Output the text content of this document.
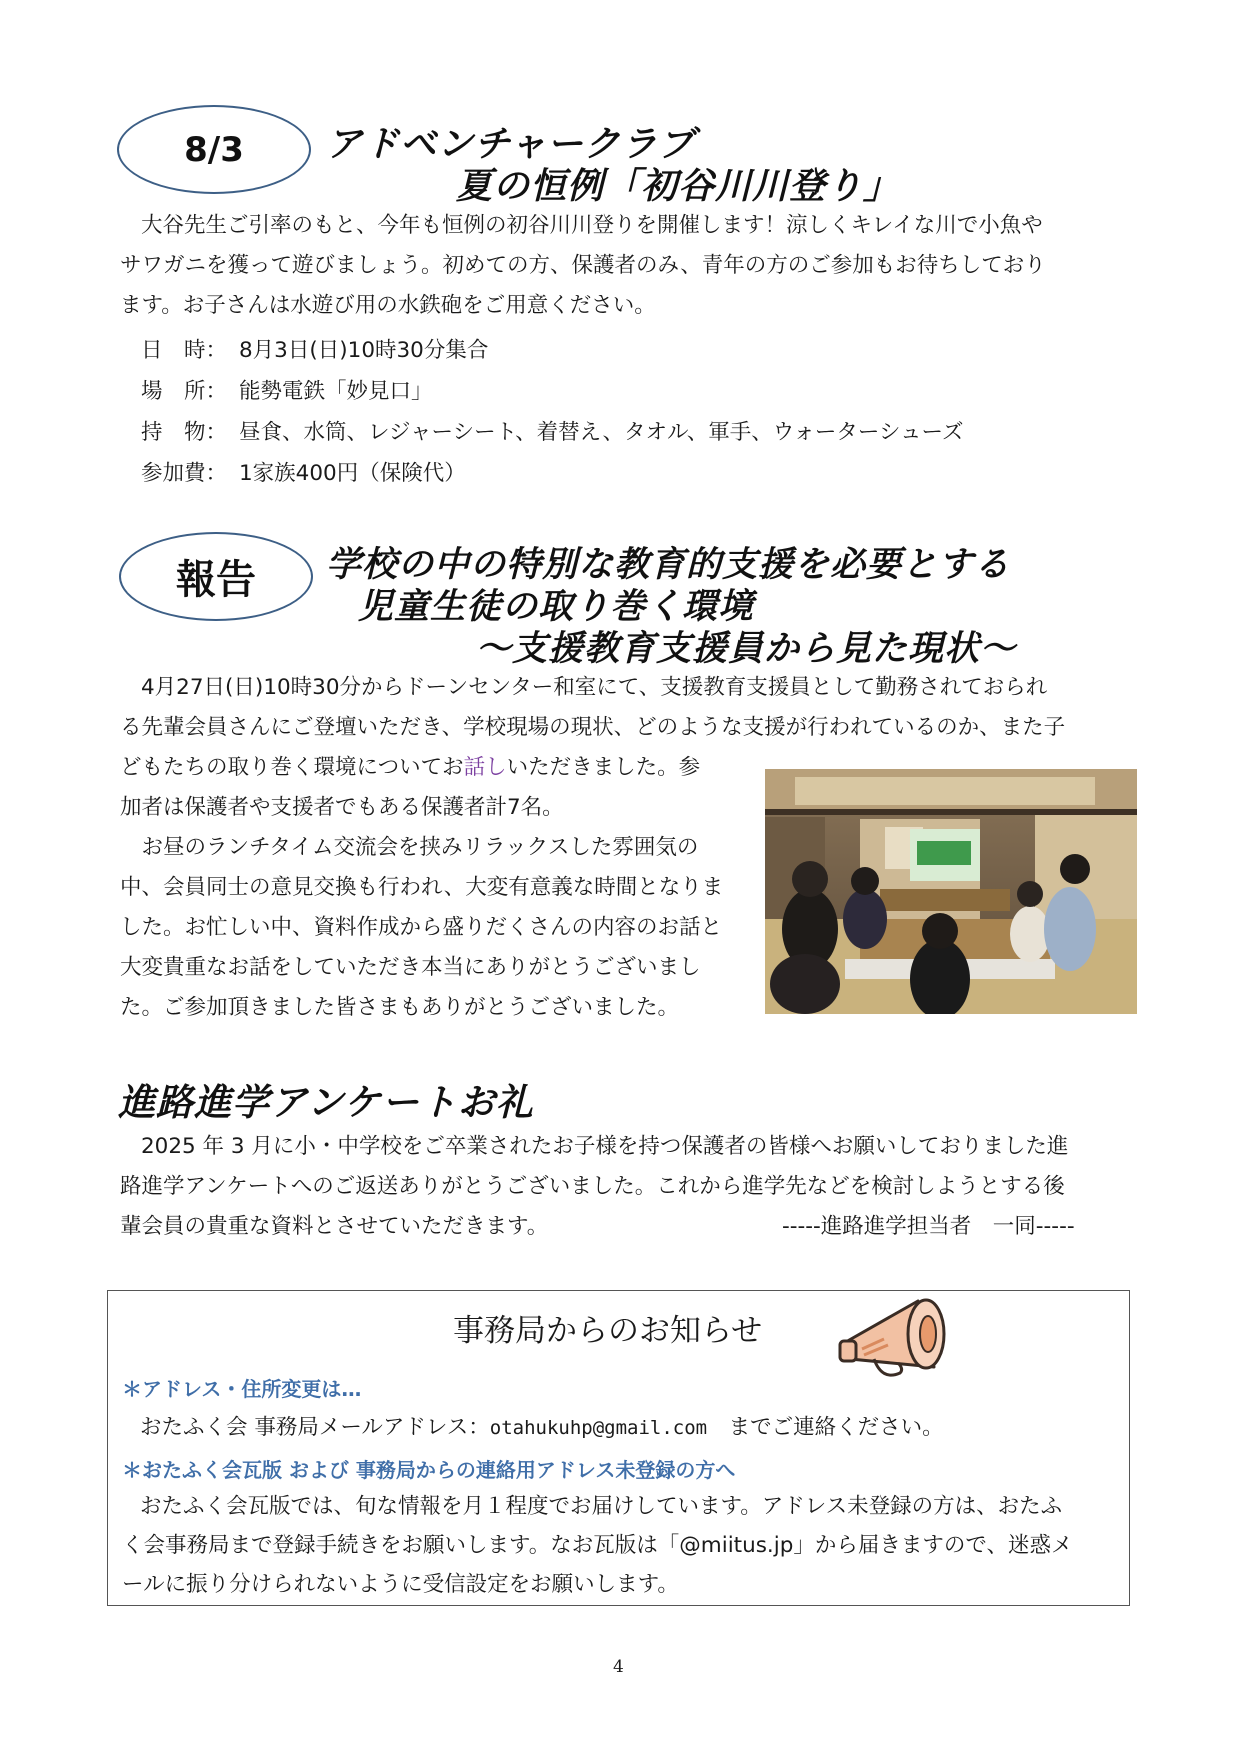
8/3 アドベンチャークラブ
夏の恒例「初谷川川登り」

大谷先生ご引率のもと、今年も恒例の初谷川川登りを開催します！涼しくキレイな川で小魚や

サワガニを獲って遊びましょう。初めての方、保護者のみ、青年の方のご参加もお待ちしており

ます。お子さんは水遊び用の水鉄砲をご用意ください。

日　時： 8月3日(日)10時30分集合
場　所： 能勢電鉄「妙見口」
持　物： 昼食、水筒、レジャーシート、着替え、タオル、軍手、ウォーターシューズ
参加費： 1家族400円（保険代）
報告 学校の中の特別な教育的支援を必要とする
児童生徒の取り巻く環境
～支援教育支援員から見た現状～

4月27日(日)10時30分からドーンセンター和室にて、支援教育支援員として勤務されておられ

る先輩会員さんにご登壇いただき、学校現場の現状、どのような支援が行われているのか、また子

どもたちの取り巻く環境についてお話しいただきました。参

加者は保護者や支援者でもある保護者計7名。

　お昼のランチタイム交流会を挟みリラックスした雰囲気の

中、会員同士の意見交換も行われ、大変有意義な時間となりま

した。お忙しい中、資料作成から盛りだくさんの内容のお話と

大変貴重なお話をしていただき本当にありがとうございまし

た。ご参加頂きました皆さまもありがとうございました。

進路進学アンケートお礼

2025 年 3 月に小・中学校をご卒業されたお子様を持つ保護者の皆様へお願いしておりました進

路進学アンケートへのご返送ありがとうございました。これから進学先などを検討しようとする後

輩会員の貴重な資料とさせていただきます。	-----進路進学担当者　一同-----
事務局からのお知らせ
＊アドレス・住所変更は…
おたふく会 事務局メールアドレス：otahukuhp@gmail.com　までご連絡ください。
＊おたふく会瓦版 および 事務局からの連絡用アドレス未登録の方へ

おたふく会瓦版では、旬な情報を月１程度でお届けしています。アドレス未登録の方は、おたふ

く会事務局まで登録手続きをお願いします。なお瓦版は「@miitus.jp」から届きますので、迷惑メ

ールに振り分けられないように受信設定をお願いします。

4
